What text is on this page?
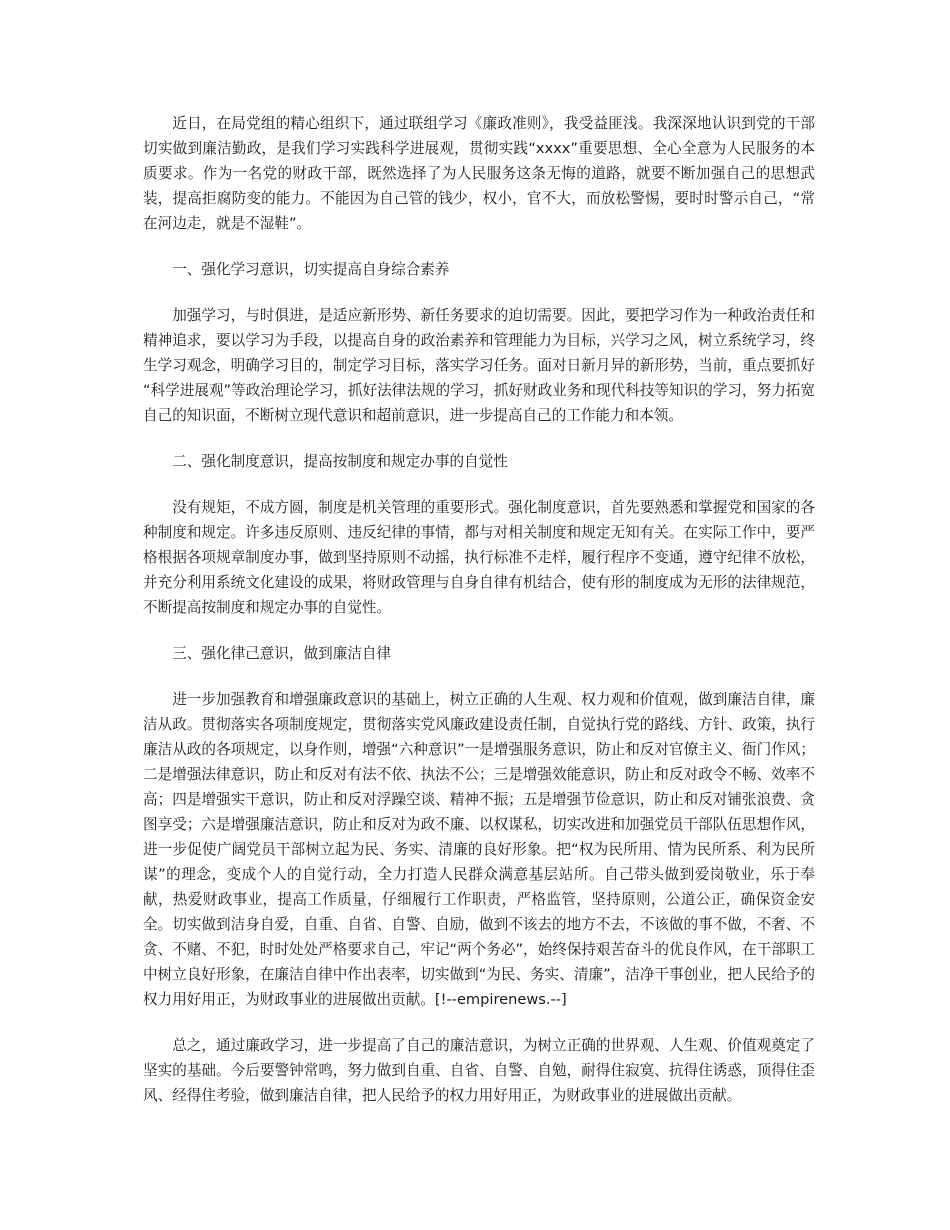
近日，在局党组的精心组织下，通过联组学习《廉政准则》，我受益匪浅。我深深地认识到党的干部切实做到廉洁勤政，是我们学习实践科学进展观，贯彻实践“xxxx”重要思想、全心全意为人民服务的本质要求。作为一名党的财政干部，既然选择了为人民服务这条无悔的道路，就要不断加强自己的思想武装，提高拒腐防变的能力。不能因为自己管的钱少，权小，官不大，而放松警惕，要时时警示自己，“常在河边走，就是不湿鞋”。

一、强化学习意识，切实提高自身综合素养

加强学习，与时俱进，是适应新形势、新任务要求的迫切需要。因此，要把学习作为一种政治责任和精神追求，要以学习为手段，以提高自身的政治素养和管理能力为目标，兴学习之风，树立系统学习，终生学习观念，明确学习目的，制定学习目标，落实学习任务。面对日新月异的新形势，当前，重点要抓好 “科学进展观”等政治理论学习，抓好法律法规的学习，抓好财政业务和现代科技等知识的学习，努力拓宽自己的知识面，不断树立现代意识和超前意识，进一步提高自己的工作能力和本领。

二、强化制度意识，提高按制度和规定办事的自觉性

没有规矩，不成方圆，制度是机关管理的重要形式。强化制度意识，首先要熟悉和掌握党和国家的各种制度和规定。许多违反原则、违反纪律的事情，都与对相关制度和规定无知有关。在实际工作中，要严格根据各项规章制度办事，做到坚持原则不动摇，执行标准不走样，履行程序不变通，遵守纪律不放松，并充分利用系统文化建设的成果，将财政管理与自身自律有机结合，使有形的制度成为无形的法律规范，不断提高按制度和规定办事的自觉性。

三、强化律己意识，做到廉洁自律

进一步加强教育和增强廉政意识的基础上，树立正确的人生观、权力观和价值观，做到廉洁自律，廉洁从政。贯彻落实各项制度规定，贯彻落实党风廉政建设责任制，自觉执行党的路线、方针、政策，执行廉洁从政的各项规定，以身作则，增强“六种意识”一是增强服务意识，防止和反对官僚主义、衙门作风；二是增强法律意识，防止和反对有法不依、执法不公；三是增强效能意识，防止和反对政令不畅、效率不高；四是增强实干意识，防止和反对浮躁空谈、精神不振；五是增强节俭意识，防止和反对铺张浪费、贪图享受；六是增强廉洁意识，防止和反对为政不廉、以权谋私，切实改进和加强党员干部队伍思想作风，进一步促使广阔党员干部树立起为民、务实、清廉的良好形象。把“权为民所用、情为民所系、利为民所谋”的理念，变成个人的自觉行动，全力打造人民群众满意基层站所。自己带头做到爱岗敬业，乐于奉献，热爱财政事业，提高工作质量，仔细履行工作职责，严格监管，坚持原则，公道公正，确保资金安全。切实做到洁身自爱，自重、自省、自警、自励，做到不该去的地方不去，不该做的事不做，不奢、不贪、不赌、不犯，时时处处严格要求自己，牢记“两个务必”，始终保持艰苦奋斗的优良作风，在干部职工中树立良好形象，在廉洁自律中作出表率，切实做到“为民、务实、清廉”，洁净干事创业，把人民给予的权力用好用正，为财政事业的进展做出贡献。[!--empirenews.--]

总之，通过廉政学习，进一步提高了自己的廉洁意识，为树立正确的世界观、人生观、价值观奠定了坚实的基础。今后要警钟常鸣，努力做到自重、自省、自警、自勉，耐得住寂寞、抗得住诱惑，顶得住歪风、经得住考验，做到廉洁自律，把人民给予的权力用好用正，为财政事业的进展做出贡献。
